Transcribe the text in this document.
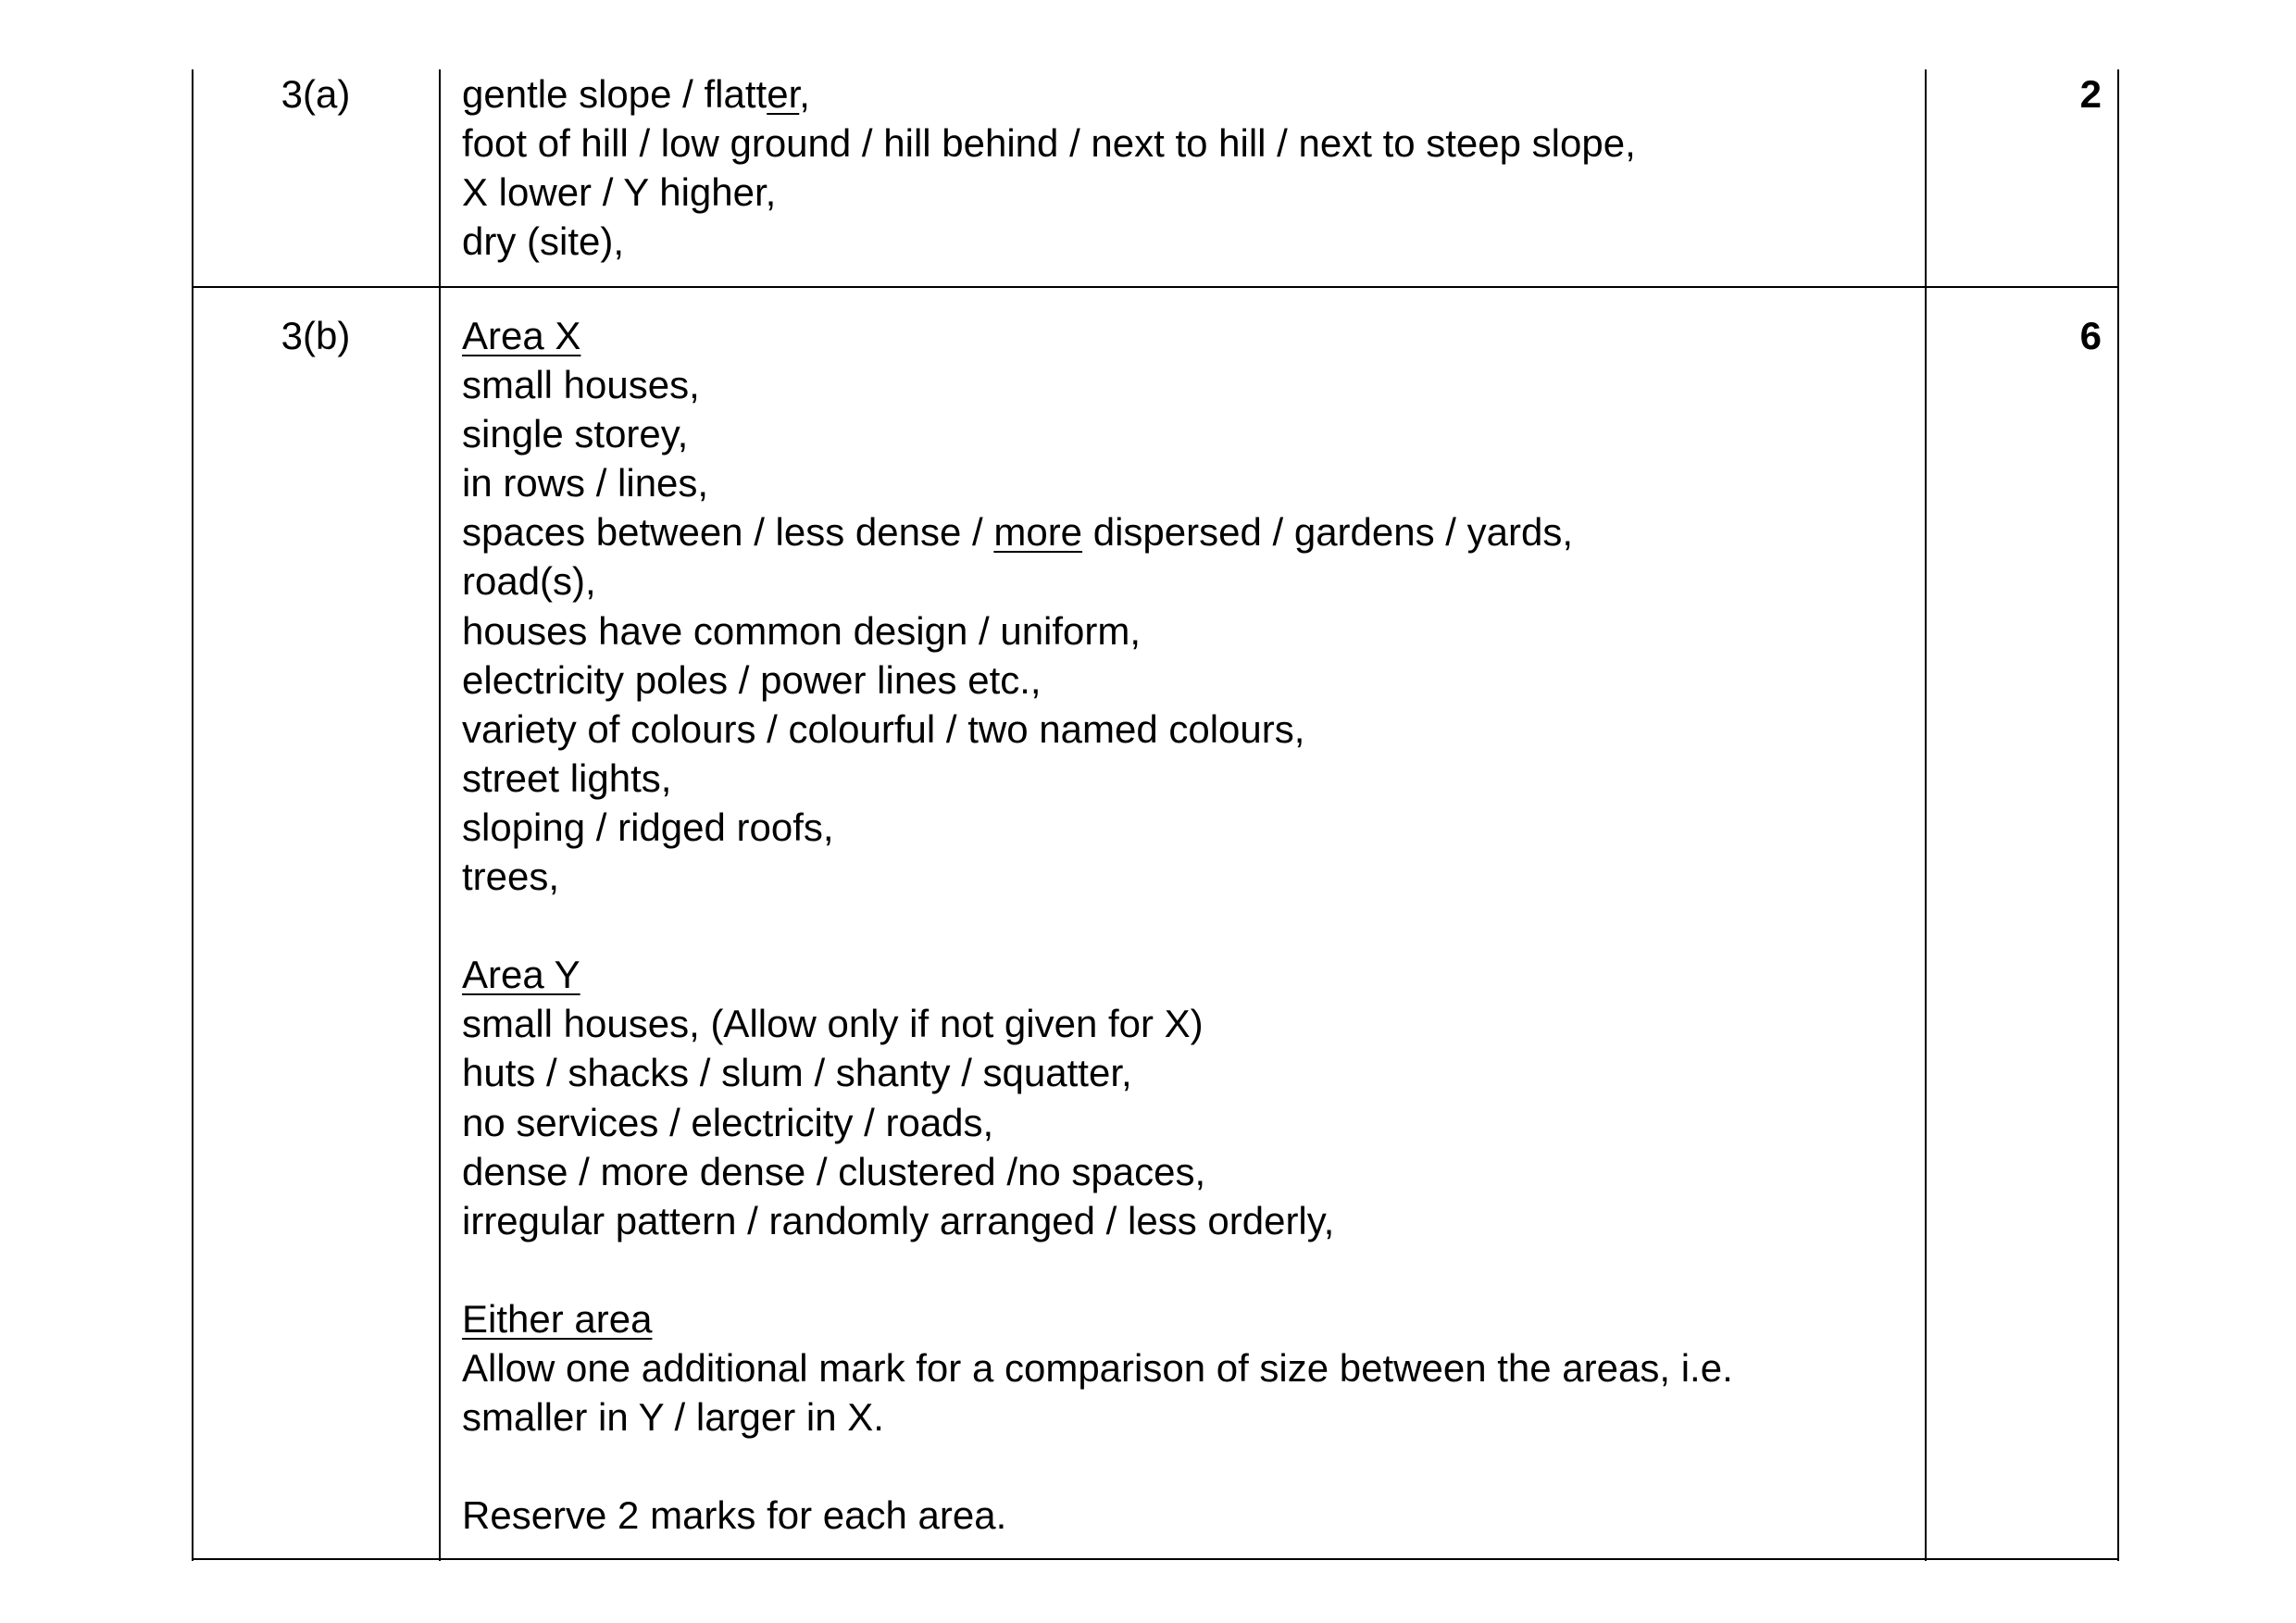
3(a)	2
gentle slope / flatter,
foot of hill / low ground / hill behind / next to hill / next to steep slope,
X lower / Y higher,
dry (site),
3(b)	6
Area X
small houses,
single storey,
in rows / lines,
spaces between / less dense / more dispersed / gardens / yards,
road(s),
houses have common design / uniform,
electricity poles / power lines etc.,
variety of colours / colourful / two named colours,
street lights,
sloping / ridged roofs,
trees,
Area Y
small houses, (Allow only if not given for X)
huts / shacks / slum / shanty / squatter,
no services / electricity / roads,
dense / more dense / clustered /no spaces,
irregular pattern / randomly arranged / less orderly,
Either area
Allow one additional mark for a comparison of size between the areas, i.e.
smaller in Y / larger in X.
Reserve 2 marks for each area.
